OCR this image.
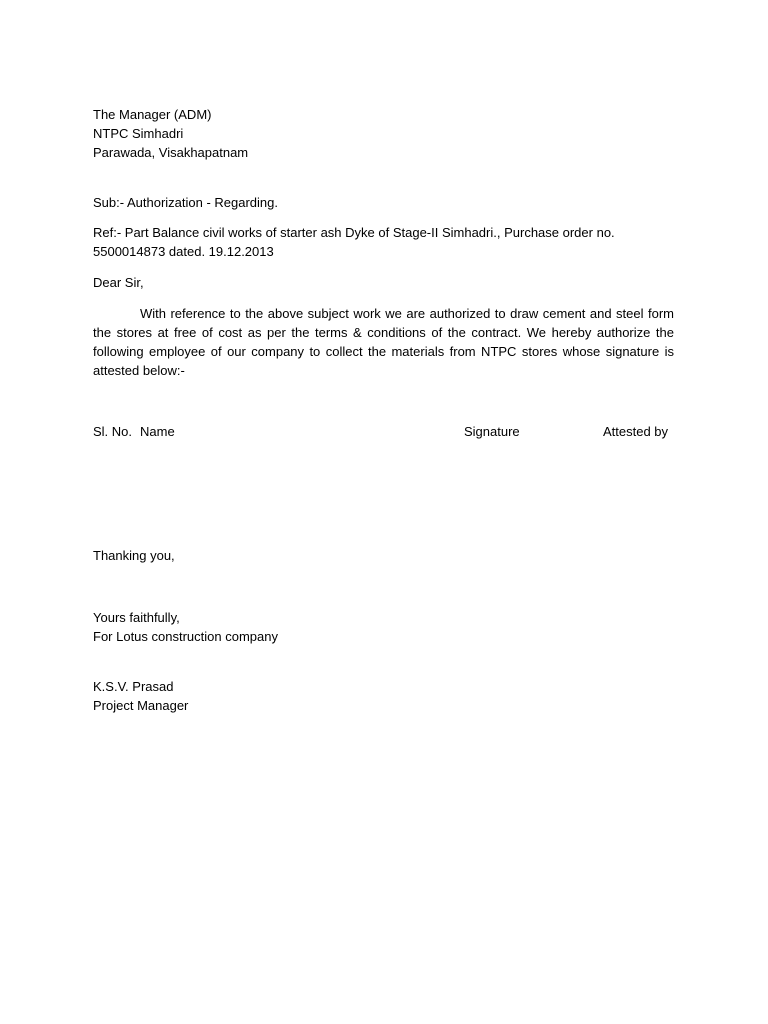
The Manager (ADM)
NTPC Simhadri
Parawada, Visakhapatnam
Sub:- Authorization - Regarding.
Ref:- Part Balance civil works of starter ash Dyke of Stage-II Simhadri., Purchase order no.
5500014873 dated. 19.12.2013
Dear Sir,
With reference to the above subject work we are authorized to draw cement and steel form
the stores at free of cost as per the terms & conditions of the contract. We hereby authorize the
following employee of our company to collect the materials from NTPC stores whose signature is
attested below:-
Sl. No. Name	Signature	Attested by
Thanking you,
Yours faithfully,
For Lotus construction company
K.S.V. Prasad
Project Manager
